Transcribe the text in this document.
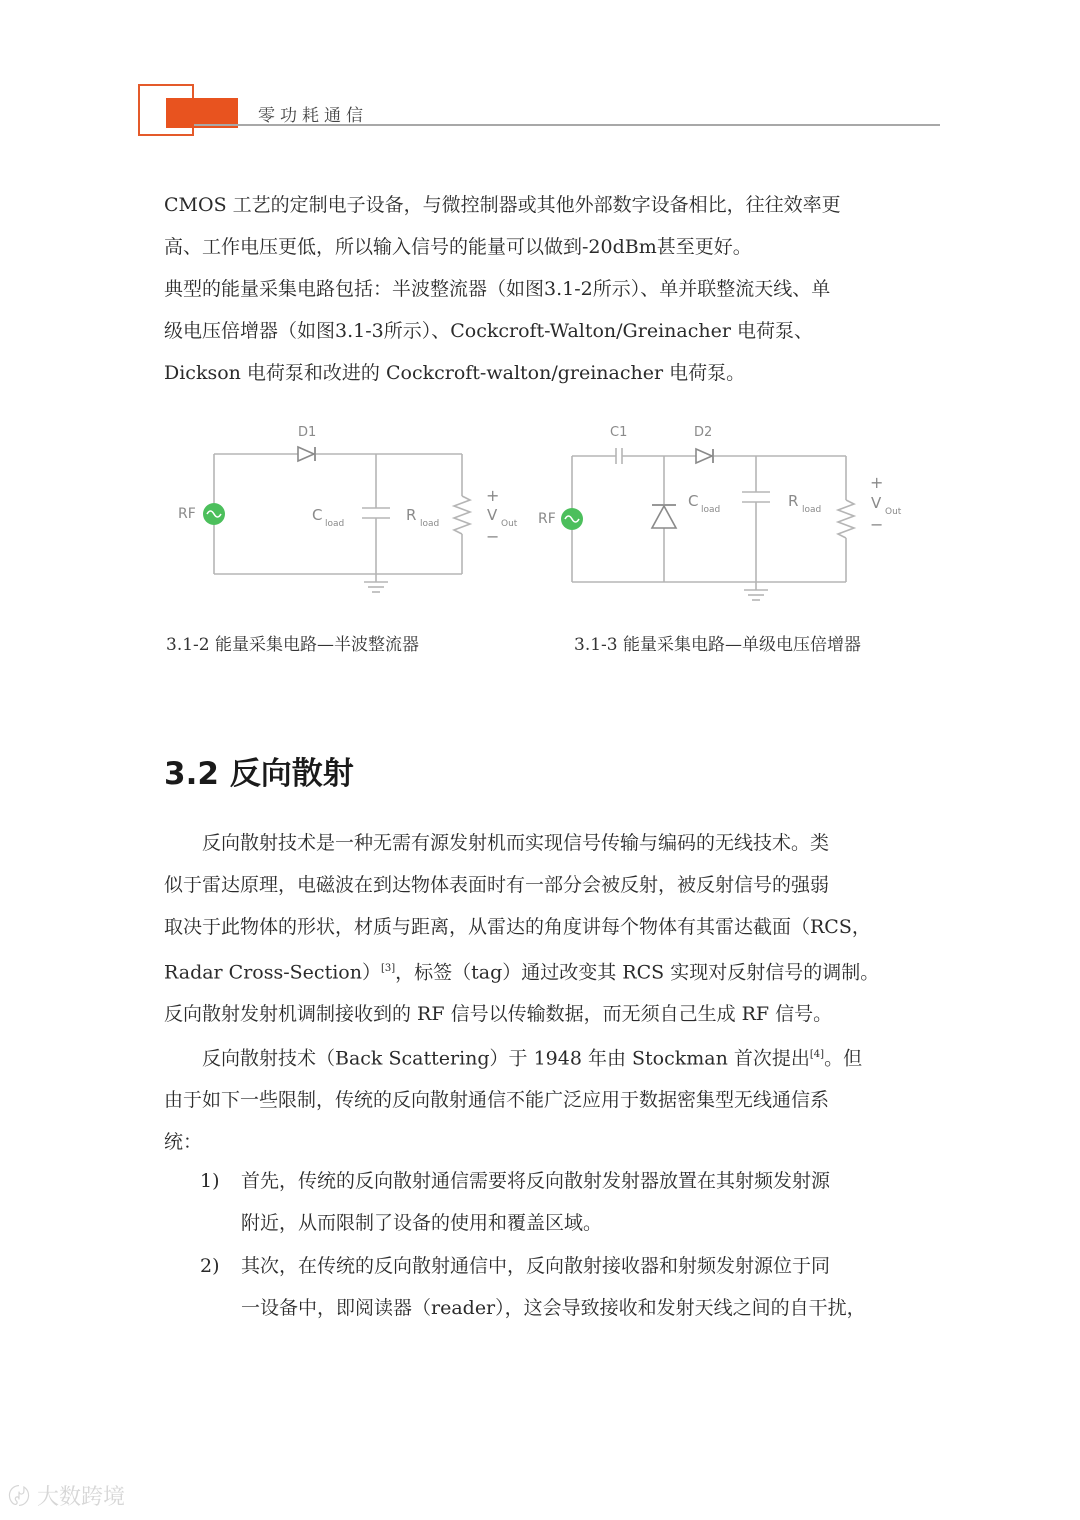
零功耗通信
CMOS 工艺的定制电子设备，与微控制器或其他外部数字设备相比，往往效率更
高、工作电压更低，所以输入信号的能量可以做到-20dBm甚至更好。
典型的能量采集电路包括：半波整流器（如图3.1-2所示）、单并联整流天线、单
级电压倍增器（如图3.1-3所示）、Cockcroft-Walton/Greinacher 电荷泵、
Dickson 电荷泵和改进的 Cockcroft-walton/greinacher 电荷泵。
D1
RF	C load	R load
+
V Out
−
3.1-2 能量采集电路—半波整流器
C1	D2
RF
C load	R load
+
V Out
−
3.1-3 能量采集电路—单级电压倍增器
3.2 反向散射
反向散射技术是一种无需有源发射机而实现信号传输与编码的无线技术。类
似于雷达原理，电磁波在到达物体表面时有一部分会被反射，被反射信号的强弱
取决于此物体的形状，材质与距离，从雷达的角度讲每个物体有其雷达截面（RCS，
Radar Cross-Section）[3]，标签（tag）通过改变其 RCS 实现对反射信号的调制。
反向散射发射机调制接收到的 RF 信号以传输数据，而无须自己生成 RF 信号。
反向散射技术（Back Scattering）于 1948 年由 Stockman 首次提出[4]。但
由于如下一些限制，传统的反向散射通信不能广泛应用于数据密集型无线通信系
统：
1) 首先，传统的反向散射通信需要将反向散射发射器放置在其射频发射源
附近，从而限制了设备的使用和覆盖区域。
2) 其次，在传统的反向散射通信中，反向散射接收器和射频发射源位于同
一设备中，即阅读器（reader），这会导致接收和发射天线之间的自干扰，
〄 大数跨境
